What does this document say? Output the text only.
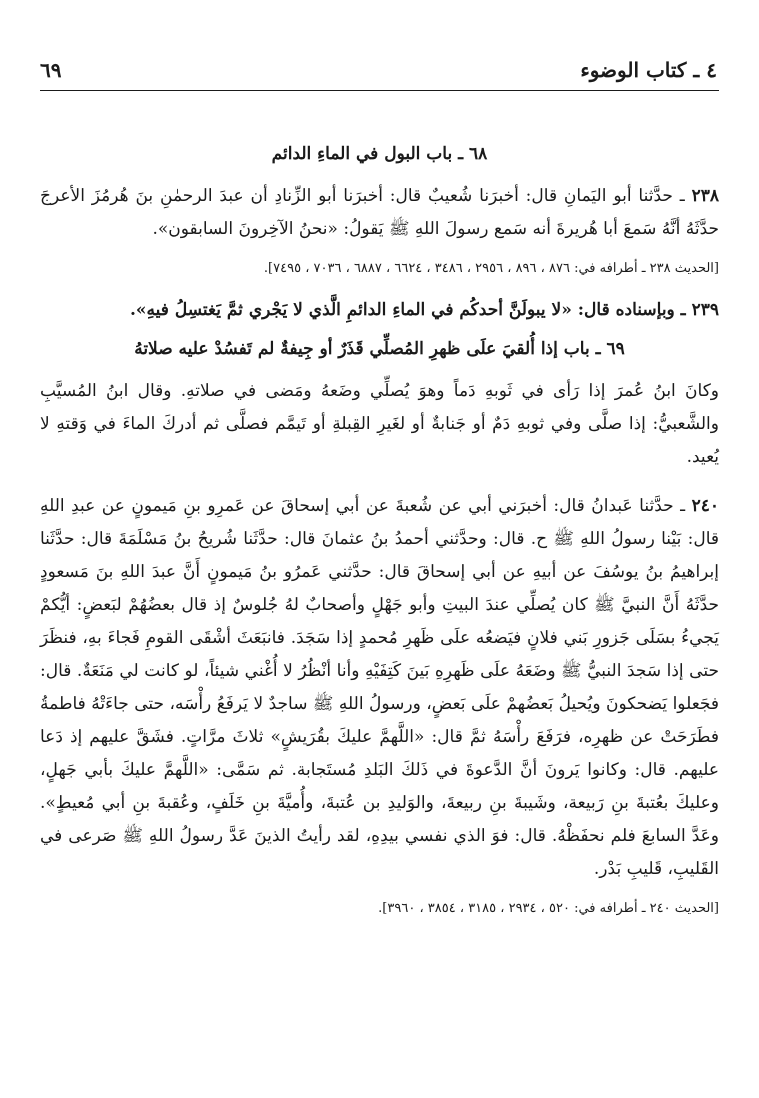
٤ ـ كتاب الوضوء
٦٩
٦٨ ـ باب البول في الماءِ الدائم

٢٣٨ ـ حدَّثنا أبو اليَمانِ قال: أخبرَنا شُعيبٌ قال: أخبرَنا أبو الزِّنادِ أن عبدَ الرحمٰنِ بنَ هُرمُزَ الأعرجَ حدَّثَهُ أنَّهُ سَمعَ أبا هُريرةَ أنه سَمع رسولَ اللهِ ﷺ يَقولُ: «نحنُ الآخِرونَ السابقون».

[الحديث ٢٣٨ ـ أطرافه في: ٨٧٦ ، ٨٩٦ ، ٢٩٥٦ ، ٣٤٨٦ ، ٦٦٢٤ ، ٦٨٨٧ ، ٧٠٣٦ ، ٧٤٩٥].

٢٣٩ ـ وبإسناده قال: «لا يبولَنَّ أحدكُم في الماءِ الدائمِ الَّذي لا يَجْري ثمَّ يَغتسِلُ فيهِ».

٦٩ ـ باب إذا أُلقيَ علَى ظهرِ المُصلِّي قَذَرٌ أو جِيفةٌ لم تَفسُدْ عليه صلاتهُ

وكانَ ابنُ عُمرَ إذا رَأى في ثَوبهِ دَماً وهوَ يُصلِّي وضَعهُ ومَضى في صلاتهِ. وقال ابنُ المُسيَّبِ والشَّعبيُّ: إذا صلَّى وفي ثوبهِ دَمٌ أو جَنابةٌ أو لغَيرِ القِبلةِ أو تَيمَّم فصلَّى ثم أدركَ الماءَ في وَقتهِ لا يُعيد.

٢٤٠ ـ حدَّثنا عَبدانُ قال: أخبرَني أبي عن شُعبةَ عن أبي إسحاقَ عن عَمرِو بنِ مَيمونٍ عن عبدِ اللهِ قال: بَيْنا رسولُ اللهِ ﷺ ح. قال: وحدَّثني أحمدُ بنُ عثمانَ قال: حدَّثَنا شُريحُ بنُ مَسْلَمَةَ قال: حدَّثَنا إبراهيمُ بنُ يوسُفَ عن أبيهِ عن أبي إسحاقَ قال: حدَّثني عَمرُو بنُ مَيمونٍ أَنَّ عبدَ اللهِ بنَ مَسعودٍ حدَّثَهُ أَنَّ النبيَّ ﷺ كان يُصلِّي عندَ البيتِ وأبو جَهْلٍ وأصحابٌ لهُ جُلوسٌ إذ قال بعضُهُمْ لبَعضٍ: أيُّكمْ يَجيءُ بسَلَى جَزورِ بَني فلانٍ فيَضعُه علَى ظَهرِ مُحمدٍ إذا سَجَدَ. فانبَعَثَ أشْقَى القومِ فَجاءَ بهِ، فنظَرَ حتى إذا سَجدَ النبيُّ ﷺ وضَعَهُ علَى ظَهرِهِ بَينَ كَتِفَيْهِ وأنا أنْظُرُ لا أُغْني شيئاً، لو كانت لي مَنَعَةٌ. قال: فجَعلوا يَضحكونَ ويُحيلُ بَعضُهمْ علَى بَعضٍ، ورسولُ اللهِ ﷺ ساجدٌ لا يَرفَعُ رأْسَه، حتى جاءَتْهُ فاطمةُ فطَرَحَتْ عن ظهرِه، فرَفَعَ رأْسَهُ ثمَّ قال: «اللَّهمَّ عليكَ بقُرَيشٍ» ثلاثَ مرَّاتٍ. فشَقَّ عليهم إذ دَعا عليهم. قال: وكانوا يَرونَ أنَّ الدَّعوةَ في ذَلكَ البَلدِ مُستَجابة. ثم سَمَّى: «اللَّهمَّ عليكَ بأبي جَهلٍ، وعليكَ بعُتبةَ بنِ رَبيعة، وشَيبةَ بنِ ربيعةَ، والوَليدِ بن عُتبةَ، وأُميَّةَ بنِ خَلَفٍ، وعُقبةَ بنِ أبي مُعيطٍ». وعَدَّ السابعَ فلم نحفَظْهُ. قال: فوَ الذي نفسي بيدِهِ، لقد رأيتُ الذينَ عَدَّ رسولُ اللهِ ﷺ صَرعى في القَليبِ، قَليبِ بَدْر.

[الحديث ٢٤٠ ـ أطرافه في: ٥٢٠ ، ٢٩٣٤ ، ٣١٨٥ ، ٣٨٥٤ ، ٣٩٦٠].
